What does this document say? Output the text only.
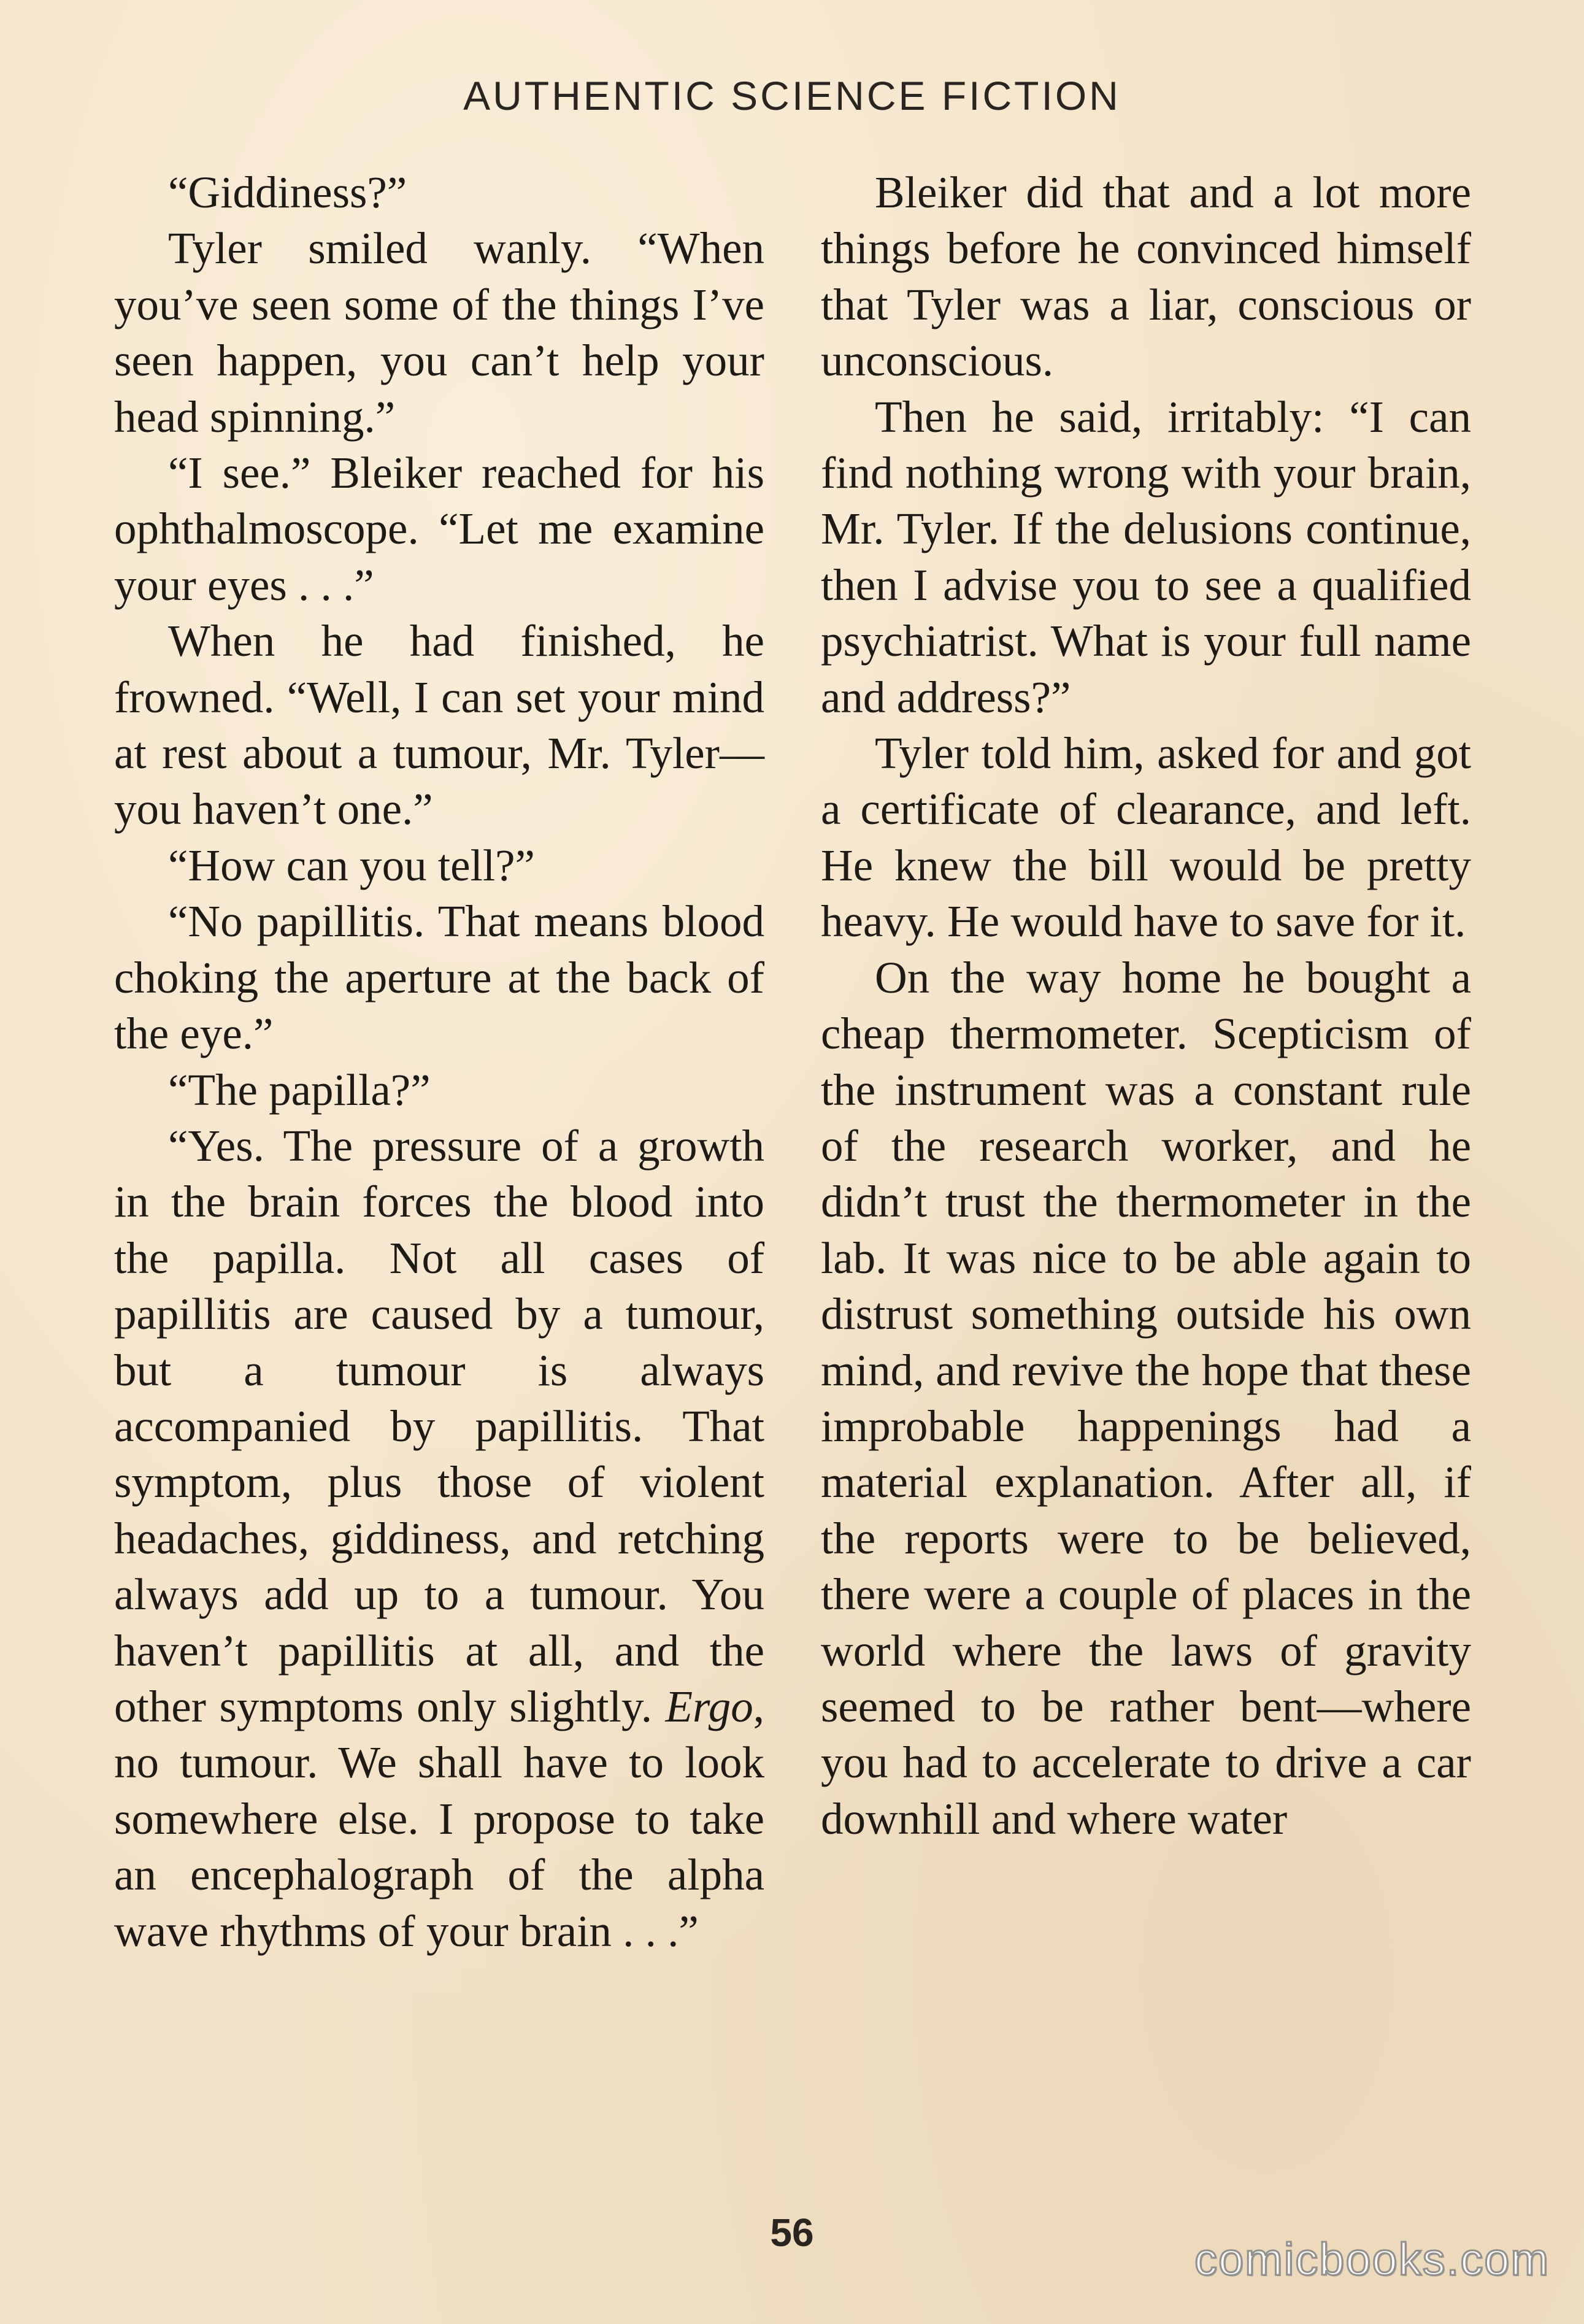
AUTHENTIC SCIENCE FICTION

“Giddiness?”

Tyler smiled wanly. “When you’ve seen some of the things I’ve seen happen, you can’t help your head spinning.”

“I see.” Bleiker reached for his ophthalmoscope. “Let me examine your eyes . . .”

When he had finished, he frowned. “Well, I can set your mind at rest about a tumour, Mr. Tyler—you haven’t one.”

“How can you tell?”

“No papillitis. That means blood choking the aperture at the back of the eye.”

“The papilla?”

“Yes. The pressure of a growth in the brain forces the blood into the papilla. Not all cases of papillitis are caused by a tumour, but a tumour is always accompanied by papillitis. That symptom, plus those of violent headaches, giddiness, and retching always add up to a tumour. You haven’t papillitis at all, and the other symptoms only slightly. Ergo, no tumour. We shall have to look somewhere else. I propose to take an encephalograph of the alpha wave rhythms of your brain . . .”

Bleiker did that and a lot more things before he convinced himself that Tyler was a liar, conscious or unconscious.

Then he said, irritably: “I can find nothing wrong with your brain, Mr. Tyler. If the delusions continue, then I advise you to see a qualified psychiatrist. What is your full name and address?”

Tyler told him, asked for and got a certificate of clearance, and left. He knew the bill would be pretty heavy. He would have to save for it.

On the way home he bought a cheap thermometer. Scepticism of the instrument was a constant rule of the research worker, and he didn’t trust the thermometer in the lab. It was nice to be able again to distrust something outside his own mind, and revive the hope that these improbable happenings had a material explanation. After all, if the reports were to be believed, there were a couple of places in the world where the laws of gravity seemed to be rather bent—where you had to accelerate to drive a car downhill and where water

56
comicbooks.com
